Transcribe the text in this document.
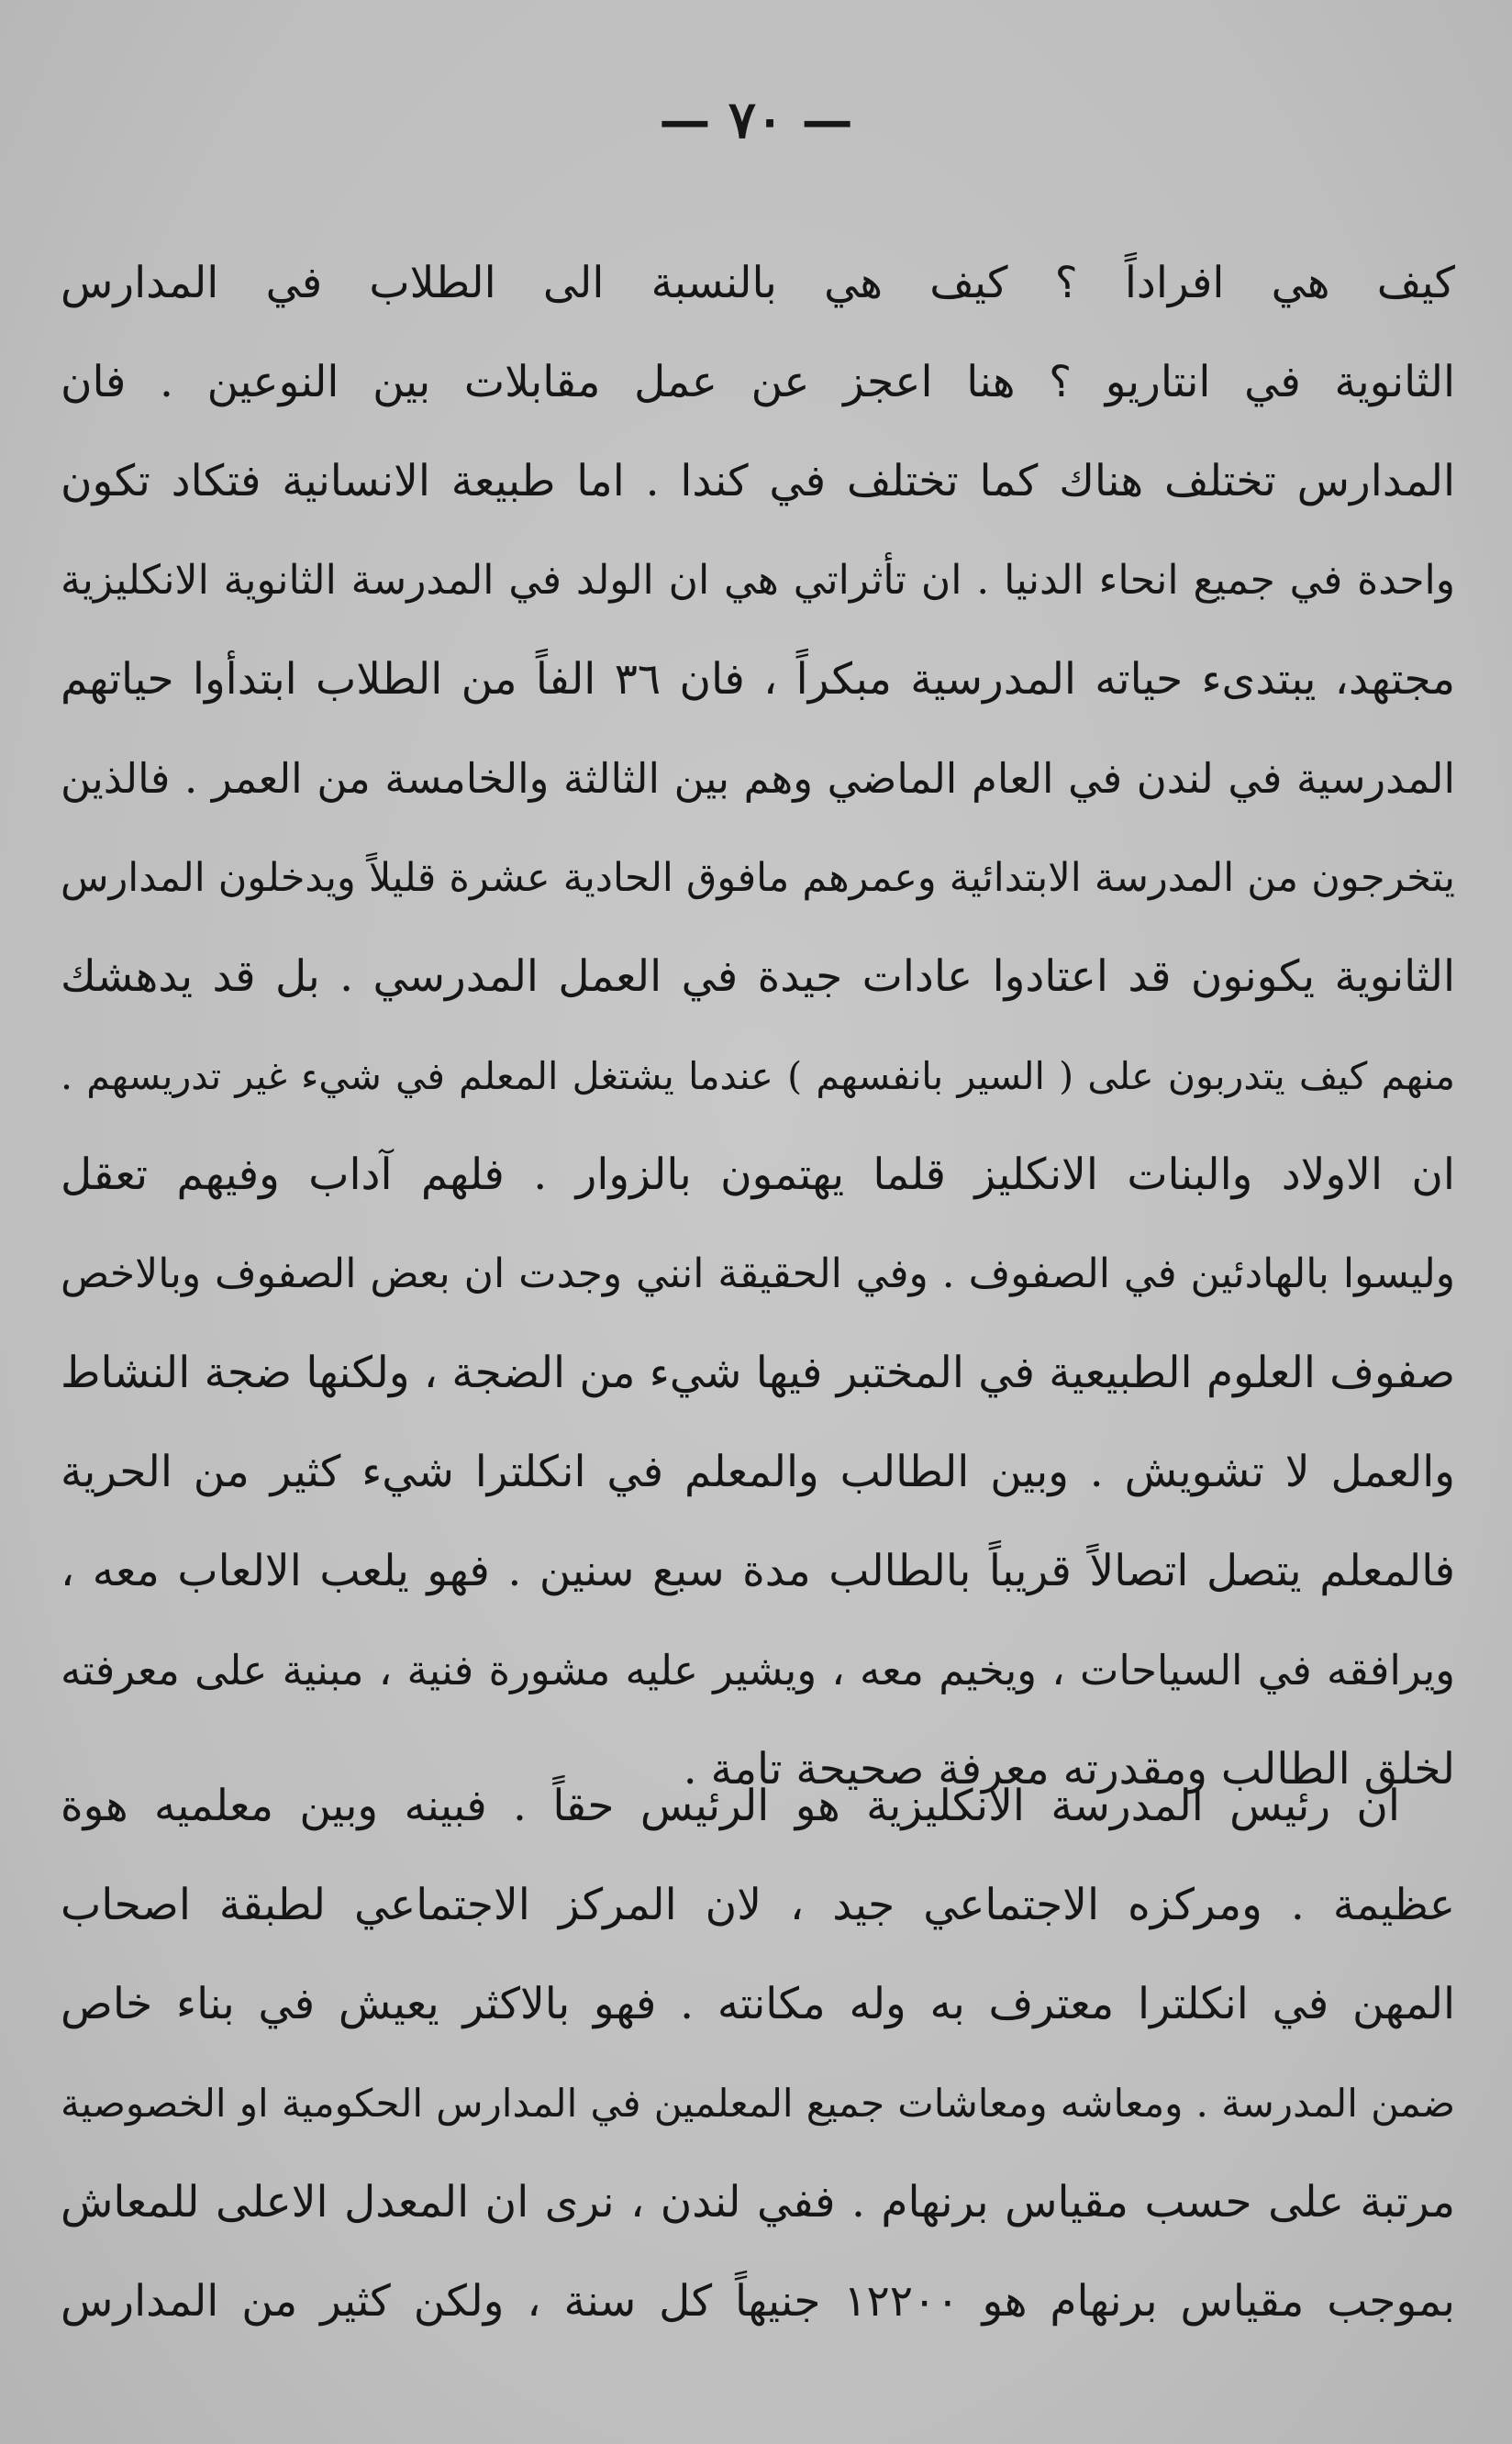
— ٧٠ —
كيف هي افراداً ؟ كيف هي بالنسبة الى الطلاب في المدارس
الثانوية في انتاريو ؟ هنا اعجز عن عمل مقابلات بين النوعين . فان
المدارس تختلف هناك كما تختلف في كندا . اما طبيعة الانسانية فتكاد تكون
واحدة في جميع انحاء الدنيا . ان تأثراتي هي ان الولد في المدرسة الثانوية الانكليزية
مجتهد، يبتدىء حياته المدرسية مبكراً ، فان ٣٦ الفاً من الطلاب ابتدأوا حياتهم
المدرسية في لندن في العام الماضي وهم بين الثالثة والخامسة من العمر . فالذين
يتخرجون من المدرسة الابتدائية وعمرهم مافوق الحادية عشرة قليلاً ويدخلون المدارس
الثانوية يكونون قد اعتادوا عادات جيدة في العمل المدرسي . بل قد يدهشك
منهم كيف يتدربون على ( السير بانفسهم ) عندما يشتغل المعلم في شيء غير تدريسهم .
ان الاولاد والبنات الانكليز قلما يهتمون بالزوار . فلهم آداب وفيهم تعقل
وليسوا بالهادئين في الصفوف . وفي الحقيقة انني وجدت ان بعض الصفوف وبالاخص
صفوف العلوم الطبيعية في المختبر فيها شيء من الضجة ، ولكنها ضجة النشاط
والعمل لا تشويش . وبين الطالب والمعلم في انكلترا شيء كثير من الحرية
فالمعلم يتصل اتصالاً قريباً بالطالب مدة سبع سنين . فهو يلعب الالعاب معه ،
ويرافقه في السياحات ، ويخيم معه ، ويشير عليه مشورة فنية ، مبنية على معرفته
لخلق الطالب ومقدرته معرفة صحيحة تامة .
ان رئيس المدرسة الانكليزية هو الرئيس حقاً . فبينه وبين معلميه هوة
عظيمة . ومركزه الاجتماعي جيد ، لان المركز الاجتماعي لطبقة اصحاب
المهن في انكلترا معترف به وله مكانته . فهو بالاكثر يعيش في بناء خاص
ضمن المدرسة . ومعاشه ومعاشات جميع المعلمين في المدارس الحكومية او الخصوصية
مرتبة على حسب مقياس برنهام . ففي لندن ، نرى ان المعدل الاعلى للمعاش
بموجب مقياس برنهام هو ١٢٢٠٠ جنيهاً كل سنة ، ولكن كثير من المدارس
